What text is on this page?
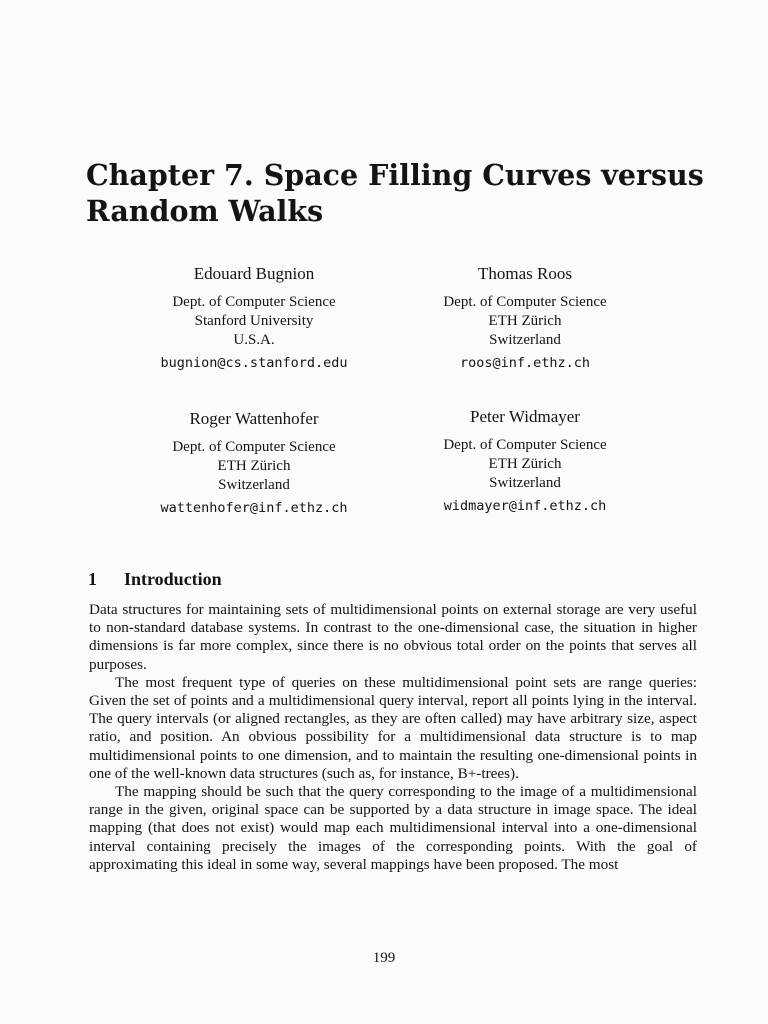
Chapter 7. Space Filling Curves versus Random Walks
Edouard Bugnion
Dept. of Computer Science
Stanford University
U.S.A.
bugnion@cs.stanford.edu
Thomas Roos
Dept. of Computer Science
ETH Zürich
Switzerland
roos@inf.ethz.ch
Roger Wattenhofer
Dept. of Computer Science
ETH Zürich
Switzerland
wattenhofer@inf.ethz.ch
Peter Widmayer
Dept. of Computer Science
ETH Zürich
Switzerland
widmayer@inf.ethz.ch
1 Introduction

Data structures for maintaining sets of multidimensional points on external storage are very useful to non-standard database systems. In contrast to the one-dimensional case, the situation in higher dimensions is far more complex, since there is no obvious total order on the points that serves all purposes.

The most frequent type of queries on these multidimensional point sets are range queries: Given the set of points and a multidimensional query interval, report all points lying in the interval. The query intervals (or aligned rectangles, as they are often called) may have arbitrary size, aspect ratio, and position. An obvious possibility for a multidimensional data structure is to map multidimensional points to one dimension, and to maintain the resulting one-dimensional points in one of the well-known data structures (such as, for instance, B+-trees).

The mapping should be such that the query corresponding to the image of a multidimensional range in the given, original space can be supported by a data structure in image space. The ideal mapping (that does not exist) would map each multidimensional interval into a one-dimensional interval containing precisely the images of the corresponding points. With the goal of approximating this ideal in some way, several mappings have been proposed. The most

199
